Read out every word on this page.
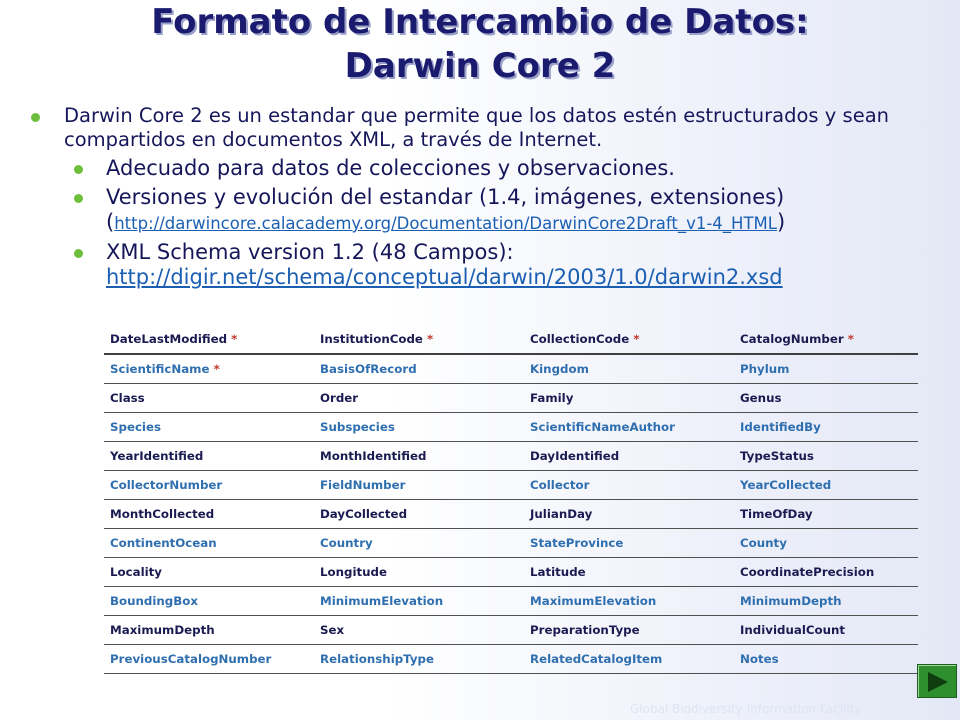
Formato de Intercambio de Datos:
Darwin Core 2
Darwin Core 2 es un estandar que permite que los datos estén estructurados y sean compartidos en documentos XML, a través de Internet.
Adecuado para datos de colecciones y observaciones.
Versiones y evolución del estandar (1.4, imágenes, extensiones)
(http://darwincore.calacademy.org/Documentation/DarwinCore2Draft_v1-4_HTML)
XML Schema version 1.2 (48 Campos):
http://digir.net/schema/conceptual/darwin/2003/1.0/darwin2.xsd
DateLastModified *	InstitutionCode *	CollectionCode *	CatalogNumber *
ScientificName *	BasisOfRecord	Kingdom	Phylum
Class	Order	Family	Genus
Species	Subspecies	ScientificNameAuthor	IdentifiedBy
YearIdentified	MonthIdentified	DayIdentified	TypeStatus
CollectorNumber	FieldNumber	Collector	YearCollected
MonthCollected	DayCollected	JulianDay	TimeOfDay
ContinentOcean	Country	StateProvince	County
Locality	Longitude	Latitude	CoordinatePrecision
BoundingBox	MinimumElevation	MaximumElevation	MinimumDepth
MaximumDepth	Sex	PreparationType	IndividualCount
PreviousCatalogNumber	RelationshipType	RelatedCatalogItem	Notes
Global Biodiversity Information Facility
